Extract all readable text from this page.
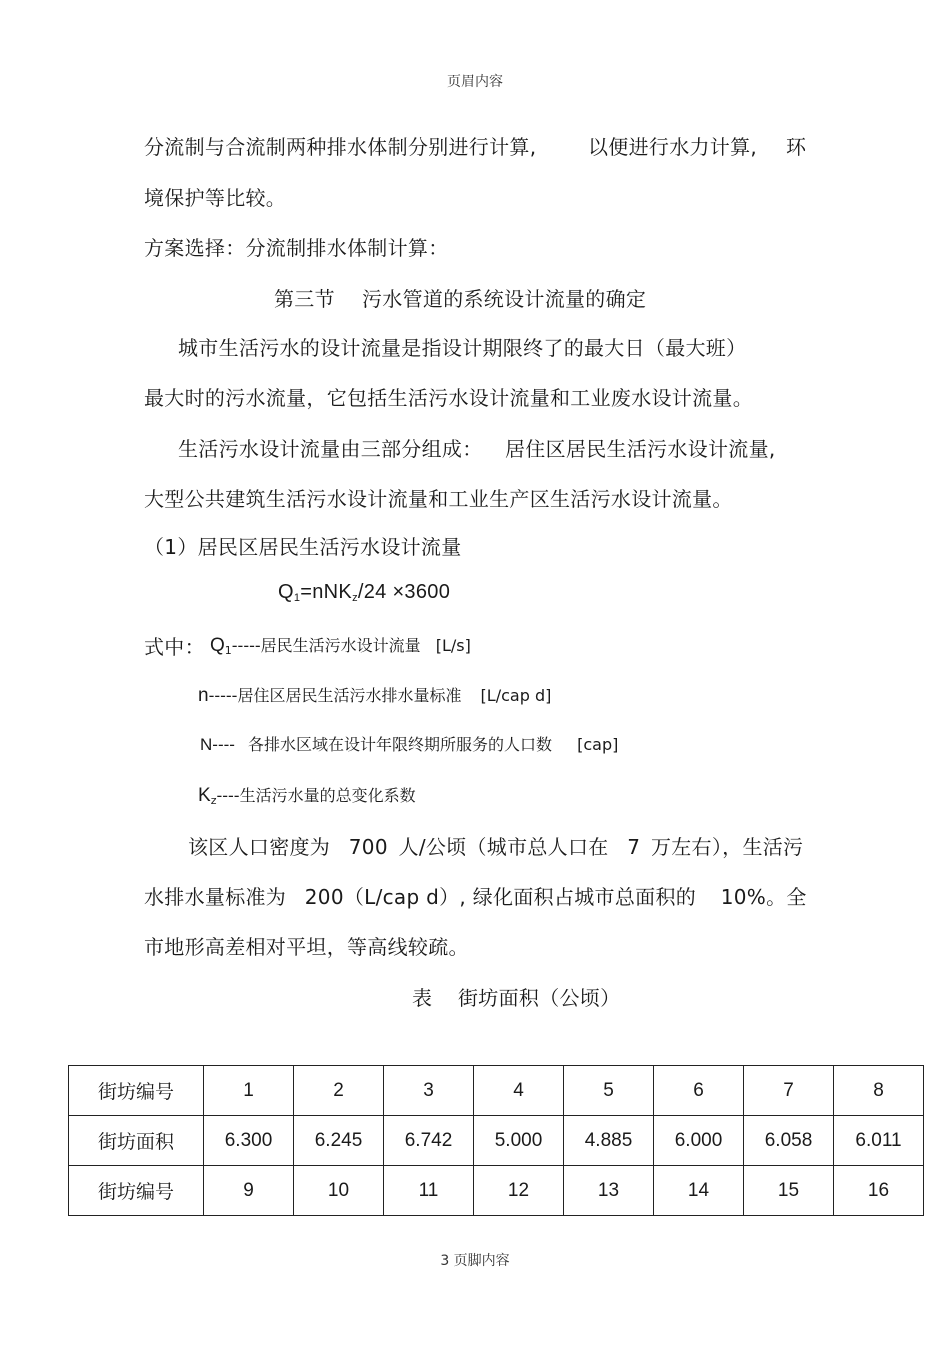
页眉内容
分流制与合流制两种排水体制分别进行计算,	以便进行水力计算, 环
境保护等比较。
方案选择：分流制排水体制计算：
第三节 污水管道的系统设计流量的确定
城市生活污水的设计流量是指设计期限终了的最大日（最大班）
最大时的污水流量，它包括生活污水设计流量和工业废水设计流量。
生活污水设计流量由三部分组成： 居住区居民生活污水设计流量,
大型公共建筑生活污水设计流量和工业生产区生活污水设计流量。
（1）居民区居民生活污水设计流量
$Q_1=nNK_z/24 \times 3600$
式中： $Q_1-----$居民生活污水设计流量 [L/s]
n-----居住区居民生活污水排水量标准 [L/cap d]
N---- 各排水区域在设计年限终期所服务的人口数 [cap]
$K_z----$生活污水量的总变化系数
该区人口密度为 700 人/公顷（城市总人口在 7 万左右），生活污
水排水量标准为 200（L/cap d）, 绿化面积占城市总面积的 10%。全
市地形高差相对平坦，等高线较疏。
表 街坊面积（公顷）
街坊编号	1	2	3	4	5	6	7	8
街坊面积	6.300	6.245	6.742	5.000	4.885	6.000	6.058	6.011
街坊编号	9	10	11	12	13	14	15	16
3 页脚内容
